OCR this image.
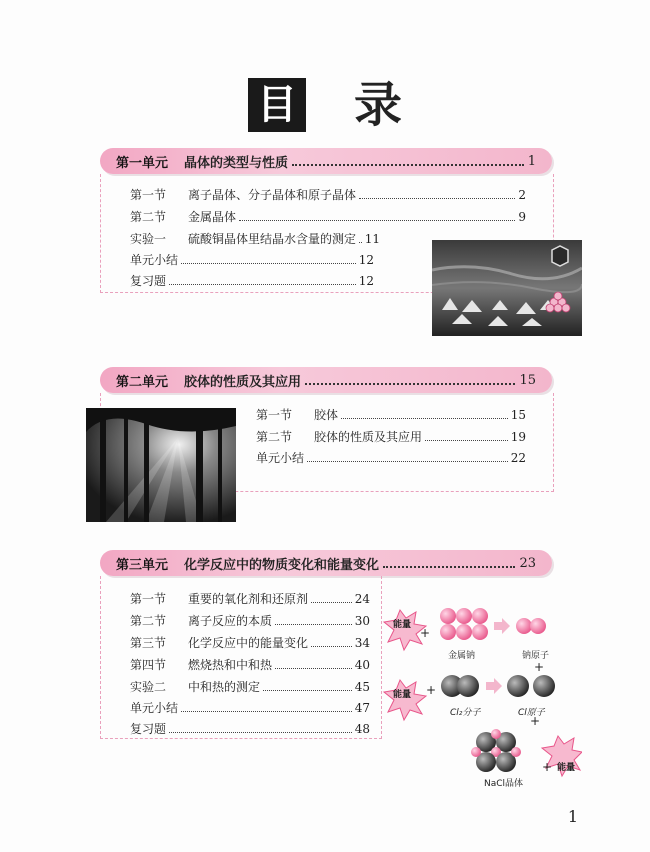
目 录
第一单元 晶体的类型与性质	1
第一节	离子晶体、分子晶体和原子晶体	2
第二节	金属晶体	9
实验一	硫酸铜晶体里结晶水含量的测定 11
单元小结	12
复习题	12
第二单元 胶体的性质及其应用	15
第一节	胶体	15
第二节	胶体的性质及其应用	19
单元小结	22
第三单元 化学反应中的物质变化和能量变化	23
第一节	重要的氧化剂和还原剂	24
第二节	离子反应的本质	30
第三节	化学反应中的能量变化	34
第四节	燃烧热和中和热	40
实验二	中和热的测定	45
单元小结	47
复习题	48
能量
+
金属钠	钠原子
+
能量 +
Cl₂分子	Cl原子
+
NaCl晶体
+ 能量
1
